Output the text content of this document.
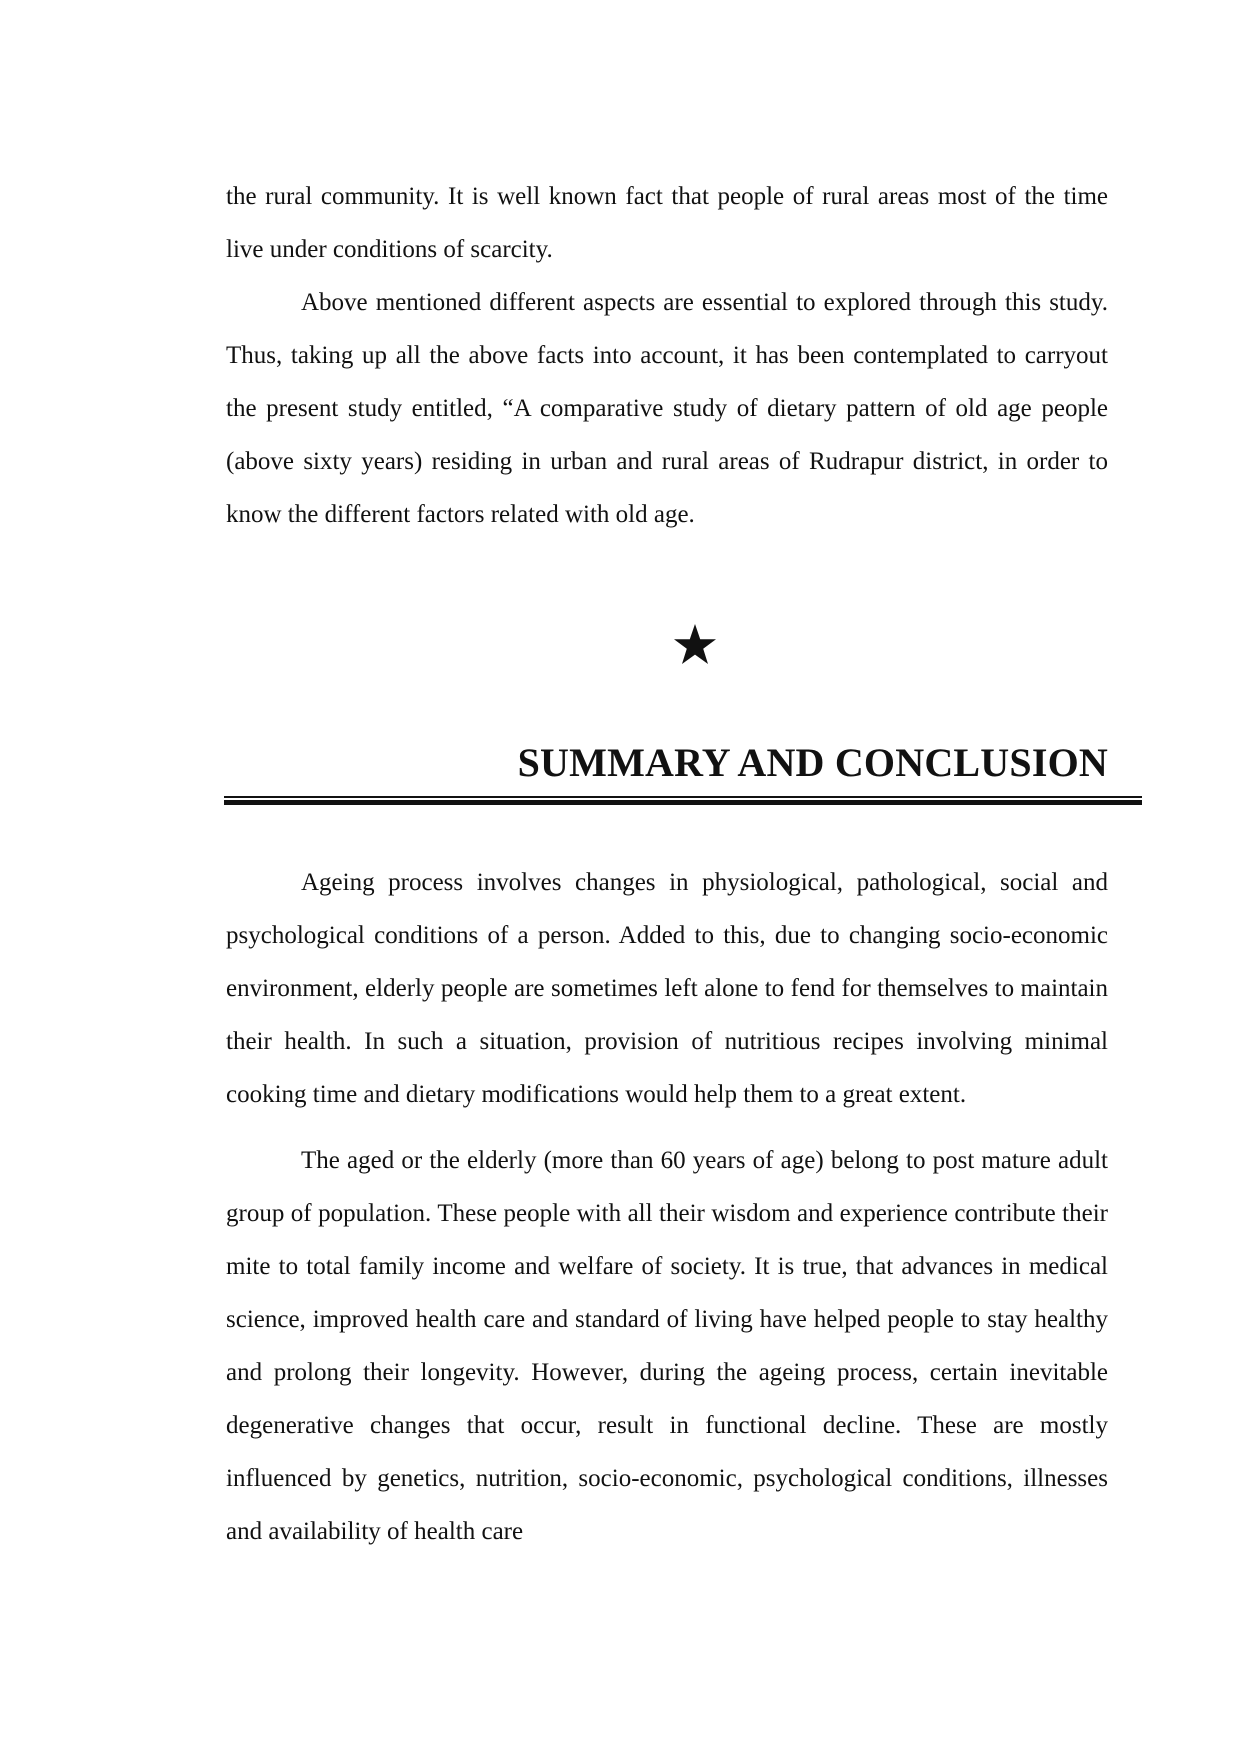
the rural community. It is well known fact that people of rural areas most of the time live under conditions of scarcity.

Above mentioned different aspects are essential to explored through this study. Thus, taking up all the above facts into account, it has been contemplated to carryout the present study entitled, “A comparative study of dietary pattern of old age people (above sixty years) residing in urban and rural areas of Rudrapur district, in order to know the different factors related with old age.

SUMMARY AND CONCLUSION

Ageing process involves changes in physiological, pathological, social and psychological conditions of a person. Added to this, due to changing socio-economic environment, elderly people are sometimes left alone to fend for themselves to maintain their health. In such a situation, provision of nutritious recipes involving minimal cooking time and dietary modifications would help them to a great extent.

The aged or the elderly (more than 60 years of age) belong to post mature adult group of population. These people with all their wisdom and experience contribute their mite to total family income and welfare of society. It is true, that advances in medical science, improved health care and standard of living have helped people to stay healthy and prolong their longevity. However, during the ageing process, certain inevitable degenerative changes that occur, result in functional decline. These are mostly influenced by genetics, nutrition, socio-economic, psychological conditions, illnesses and availability of health care
